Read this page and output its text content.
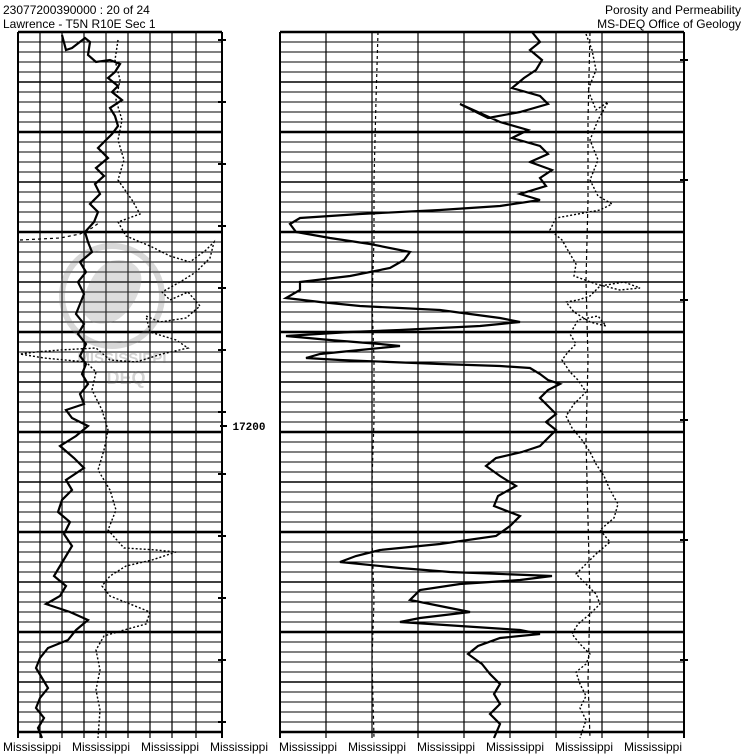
23077200390000 : 20 of 24
Lawrence - T5N R10E Sec 1
Porosity and Permeability
MS-DEQ Office of Geology
MISSISSIPPI
DEQ
17200
Mississippi Mississippi Mississippi Mississippi Mississippi Mississippi Mississippi Mississippi Mississippi Mississippi
